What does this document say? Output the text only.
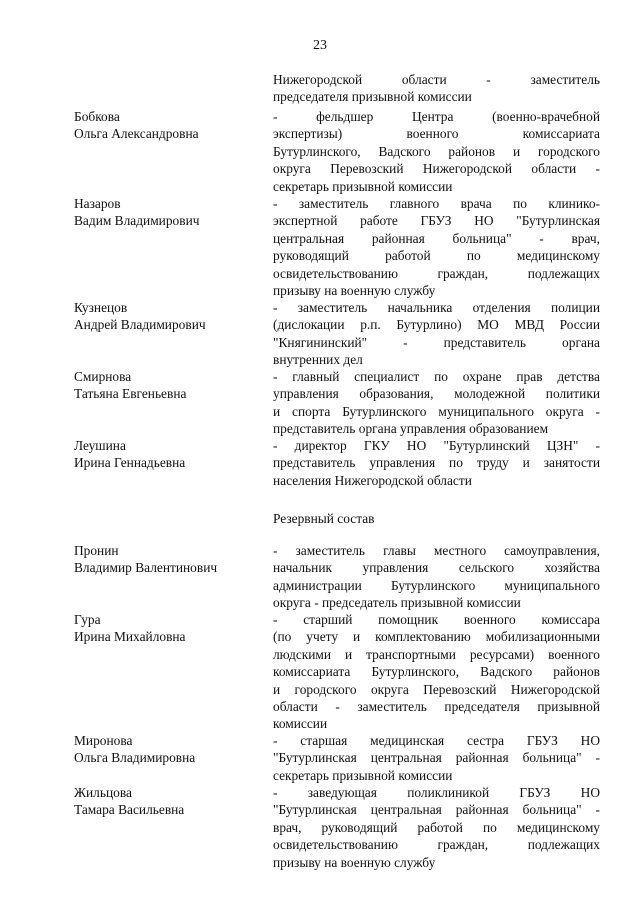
23
Нижегородской области - заместитель
председателя призывной комиссии
Бобкова
Ольга Александровна
- фельдшер Центра (военно-врачебной
экспертизы) военного комиссариата
Бутурлинского, Вадского районов и городского
округа Перевозский Нижегородской области -
секретарь призывной комиссии
Назаров
Вадим Владимирович
- заместитель главного врача по клинико-
экспертной работе ГБУЗ НО "Бутурлинская
центральная районная больница" - врач,
руководящий работой по медицинскому
освидетельствованию граждан, подлежащих
призыву на военную службу
Кузнецов
Андрей Владимирович
- заместитель начальника отделения полиции
(дислокации р.п. Бутурлино) МО МВД России
"Княгининский" - представитель органа
внутренних дел
Смирнова
Татьяна Евгеньевна
- главный специалист по охране прав детства
управления образования, молодежной политики
и спорта Бутурлинского муниципального округа -
представитель органа управления образованием
Леушина
Ирина Геннадьевна
- директор ГКУ НО "Бутурлинский ЦЗН" -
представитель управления по труду и занятости
населения Нижегородской области
Резервный состав
Пронин
Владимир Валентинович
- заместитель главы местного самоуправления,
начальник управления сельского хозяйства
администрации Бутурлинского муниципального
округа - председатель призывной комиссии
Гура
Ирина Михайловна
- старший помощник военного комиссара
(по учету и комплектованию мобилизационными
людскими и транспортными ресурсами) военного
комиссариата Бутурлинского, Вадского районов
и городского округа Перевозский Нижегородской
области - заместитель председателя призывной
комиссии
Миронова
Ольга Владимировна
- старшая медицинская сестра ГБУЗ НО
"Бутурлинская центральная районная больница" -
секретарь призывной комиссии
Жильцова
Тамара Васильевна
- заведующая поликлиникой ГБУЗ НО
"Бутурлинская центральная районная больница" -
врач, руководящий работой по медицинскому
освидетельствованию граждан, подлежащих
призыву на военную службу
